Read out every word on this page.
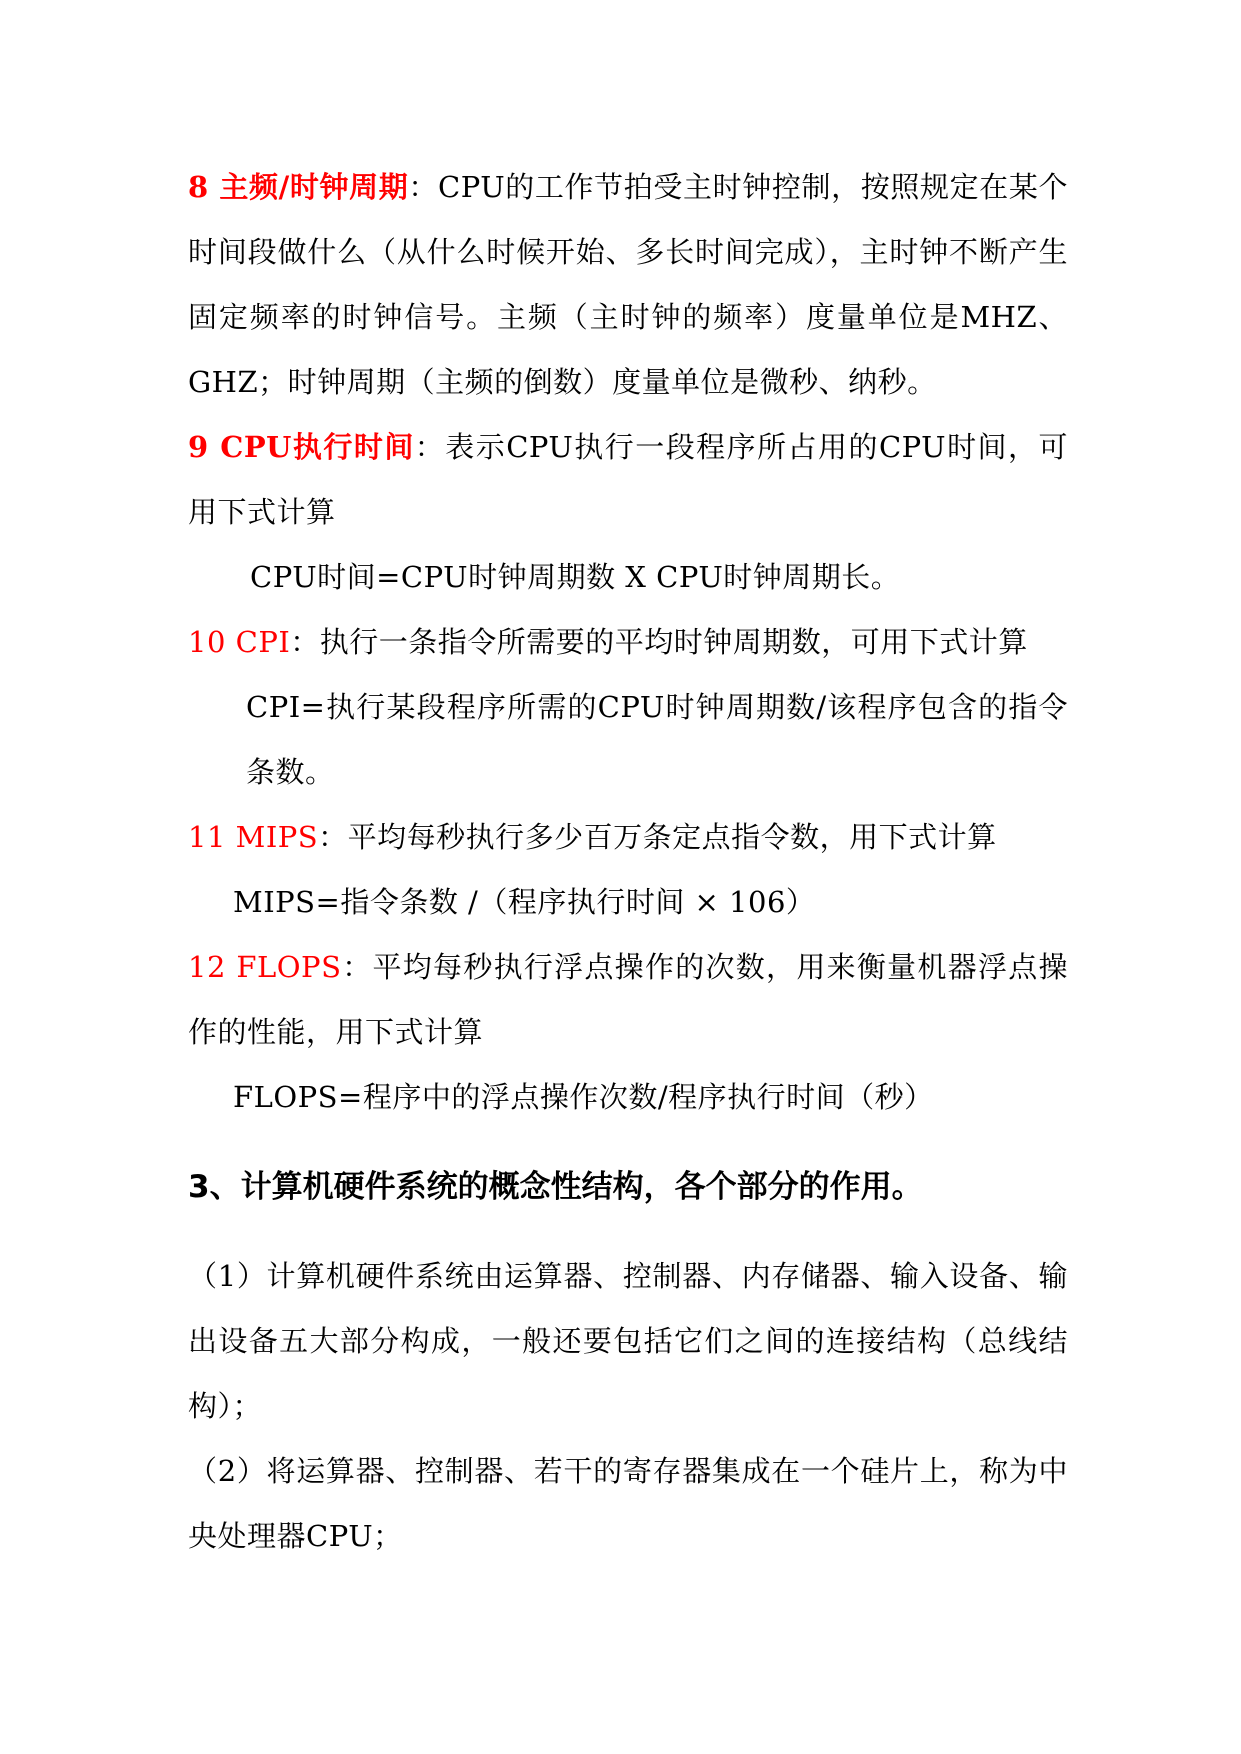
8 主频/时钟周期：CPU的工作节拍受主时钟控制，按照规定在某个时间段做什么（从什么时候开始、多长时间完成），主时钟不断产生固定频率的时钟信号。主频（主时钟的频率）度量单位是MHZ、GHZ；时钟周期（主频的倒数）度量单位是微秒、纳秒。

9 CPU执行时间：表示CPU执行一段程序所占用的CPU时间，可用下式计算

CPU时间=CPU时钟周期数 X CPU时钟周期长。

10 CPI：执行一条指令所需要的平均时钟周期数，可用下式计算

CPI=执行某段程序所需的CPU时钟周期数/该程序包含的指令条数。

11 MIPS：平均每秒执行多少百万条定点指令数，用下式计算

MIPS=指令条数 /（程序执行时间 × 106）

12 FLOPS：平均每秒执行浮点操作的次数，用来衡量机器浮点操作的性能，用下式计算

FLOPS=程序中的浮点操作次数/程序执行时间（秒）

3、计算机硬件系统的概念性结构，各个部分的作用。

（1）计算机硬件系统由运算器、控制器、内存储器、输入设备、输出设备五大部分构成，一般还要包括它们之间的连接结构（总线结构）；

（2）将运算器、控制器、若干的寄存器集成在一个硅片上，称为中央处理器CPU；
